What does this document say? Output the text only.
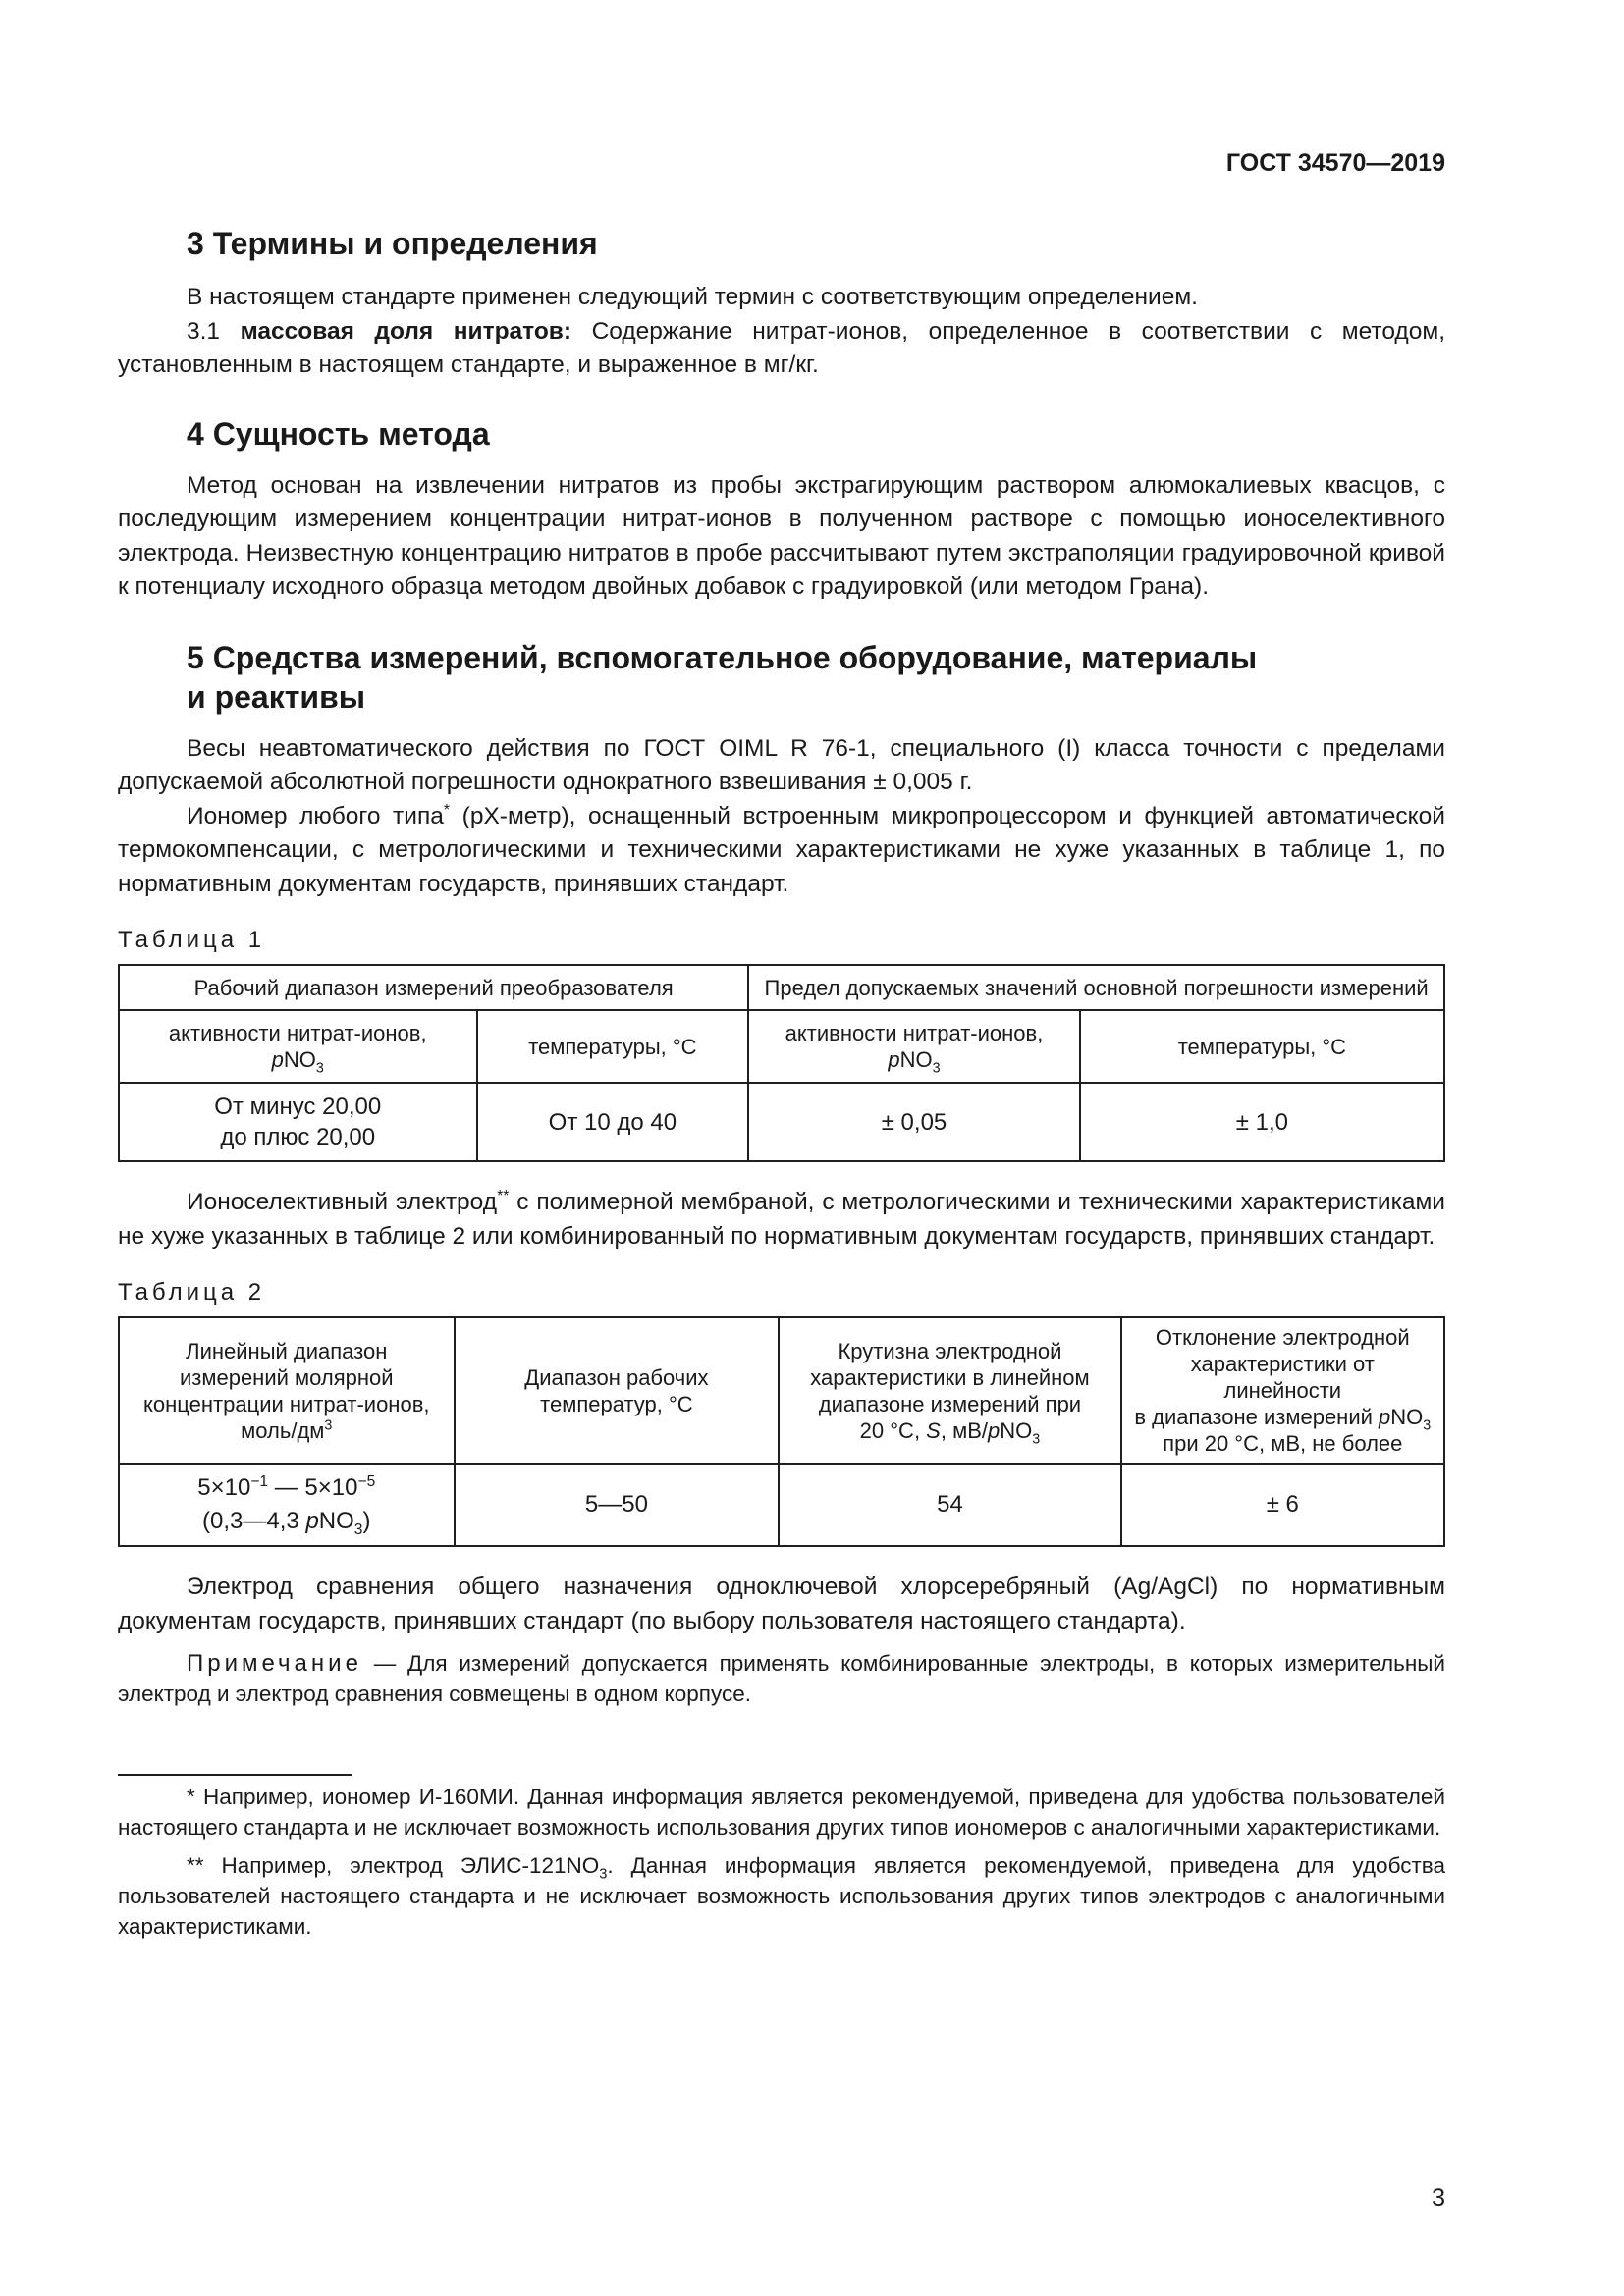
ГОСТ 34570—2019
3 Термины и определения

В настоящем стандарте применен следующий термин с соответствующим определением.

3.1 массовая доля нитратов: Содержание нитрат-ионов, определенное в соответствии с методом, установленным в настоящем стандарте, и выраженное в мг/кг.

4 Сущность метода

Метод основан на извлечении нитратов из пробы экстрагирующим раствором алюмокалиевых квасцов, с последующим измерением концентрации нитрат-ионов в полученном растворе с помощью ионоселективного электрода. Неизвестную концентрацию нитратов в пробе рассчитывают путем экстраполяции градуировочной кривой к потенциалу исходного образца методом двойных добавок с градуировкой (или методом Грана).

5 Средства измерений, вспомогательное оборудование, материалы
и реактивы

Весы неавтоматического действия по ГОСТ OIML R 76-1, специального (I) класса точности с пределами допускаемой абсолютной погрешности однократного взвешивания ± 0,005 г.

Иономер любого типа* (pX-метр), оснащенный встроенным микропроцессором и функцией автоматической термокомпенсации, с метрологическими и техническими характеристиками не хуже указанных в таблице 1, по нормативным документам государств, принявших стандарт.

Таблица 1
Рабочий диапазон измерений преобразователя		Предел допускаемых значений основной погрешности измерений	
активности нитрат-ионов,
pNO$_3$	температуры, °C	активности нитрат-ионов,
pNO$_3$	температуры, °C
От минус 20,00
до плюс 20,00	От 10 до 40	± 0,05	± 1,0

Ионоселективный электрод** с полимерной мембраной, с метрологическими и техническими характеристиками не хуже указанных в таблице 2 или комбинированный по нормативным документам государств, принявших стандарт.

Таблица 2
Линейный диапазон
измерений молярной
концентрации нитрат-ионов,
моль/$дм^3$	Диапазон рабочих
температур, °C	Крутизна электродной
характеристики в линейном
диапазоне измерений при
20 °C, S, мВ/pNO$_3$	Отклонение электродной
характеристики от линейности
в диапазоне измерений pNO$_3$
при 20 °C, мВ, не более
$5\times 10^{-1}$ — $5\times 10^{-5}$
(0,3—4,3 pNO$_3$)	5—50	54	± 6

Электрод сравнения общего назначения одноключевой хлорсеребряный (Ag/AgCl) по нормативным документам государств, принявших стандарт (по выбору пользователя настоящего стандарта).

Примечание — Для измерений допускается применять комбинированные электроды, в которых измерительный электрод и электрод сравнения совмещены в одном корпусе.

* Например, иономер И-160МИ. Данная информация является рекомендуемой, приведена для удобства пользователей настоящего стандарта и не исключает возможность использования других типов иономеров с аналогичными характеристиками.

** Например, электрод ЭЛИС-$121NO_3$. Данная информация является рекомендуемой, приведена для удобства пользователей настоящего стандарта и не исключает возможность использования других типов электродов с аналогичными характеристиками.

3
